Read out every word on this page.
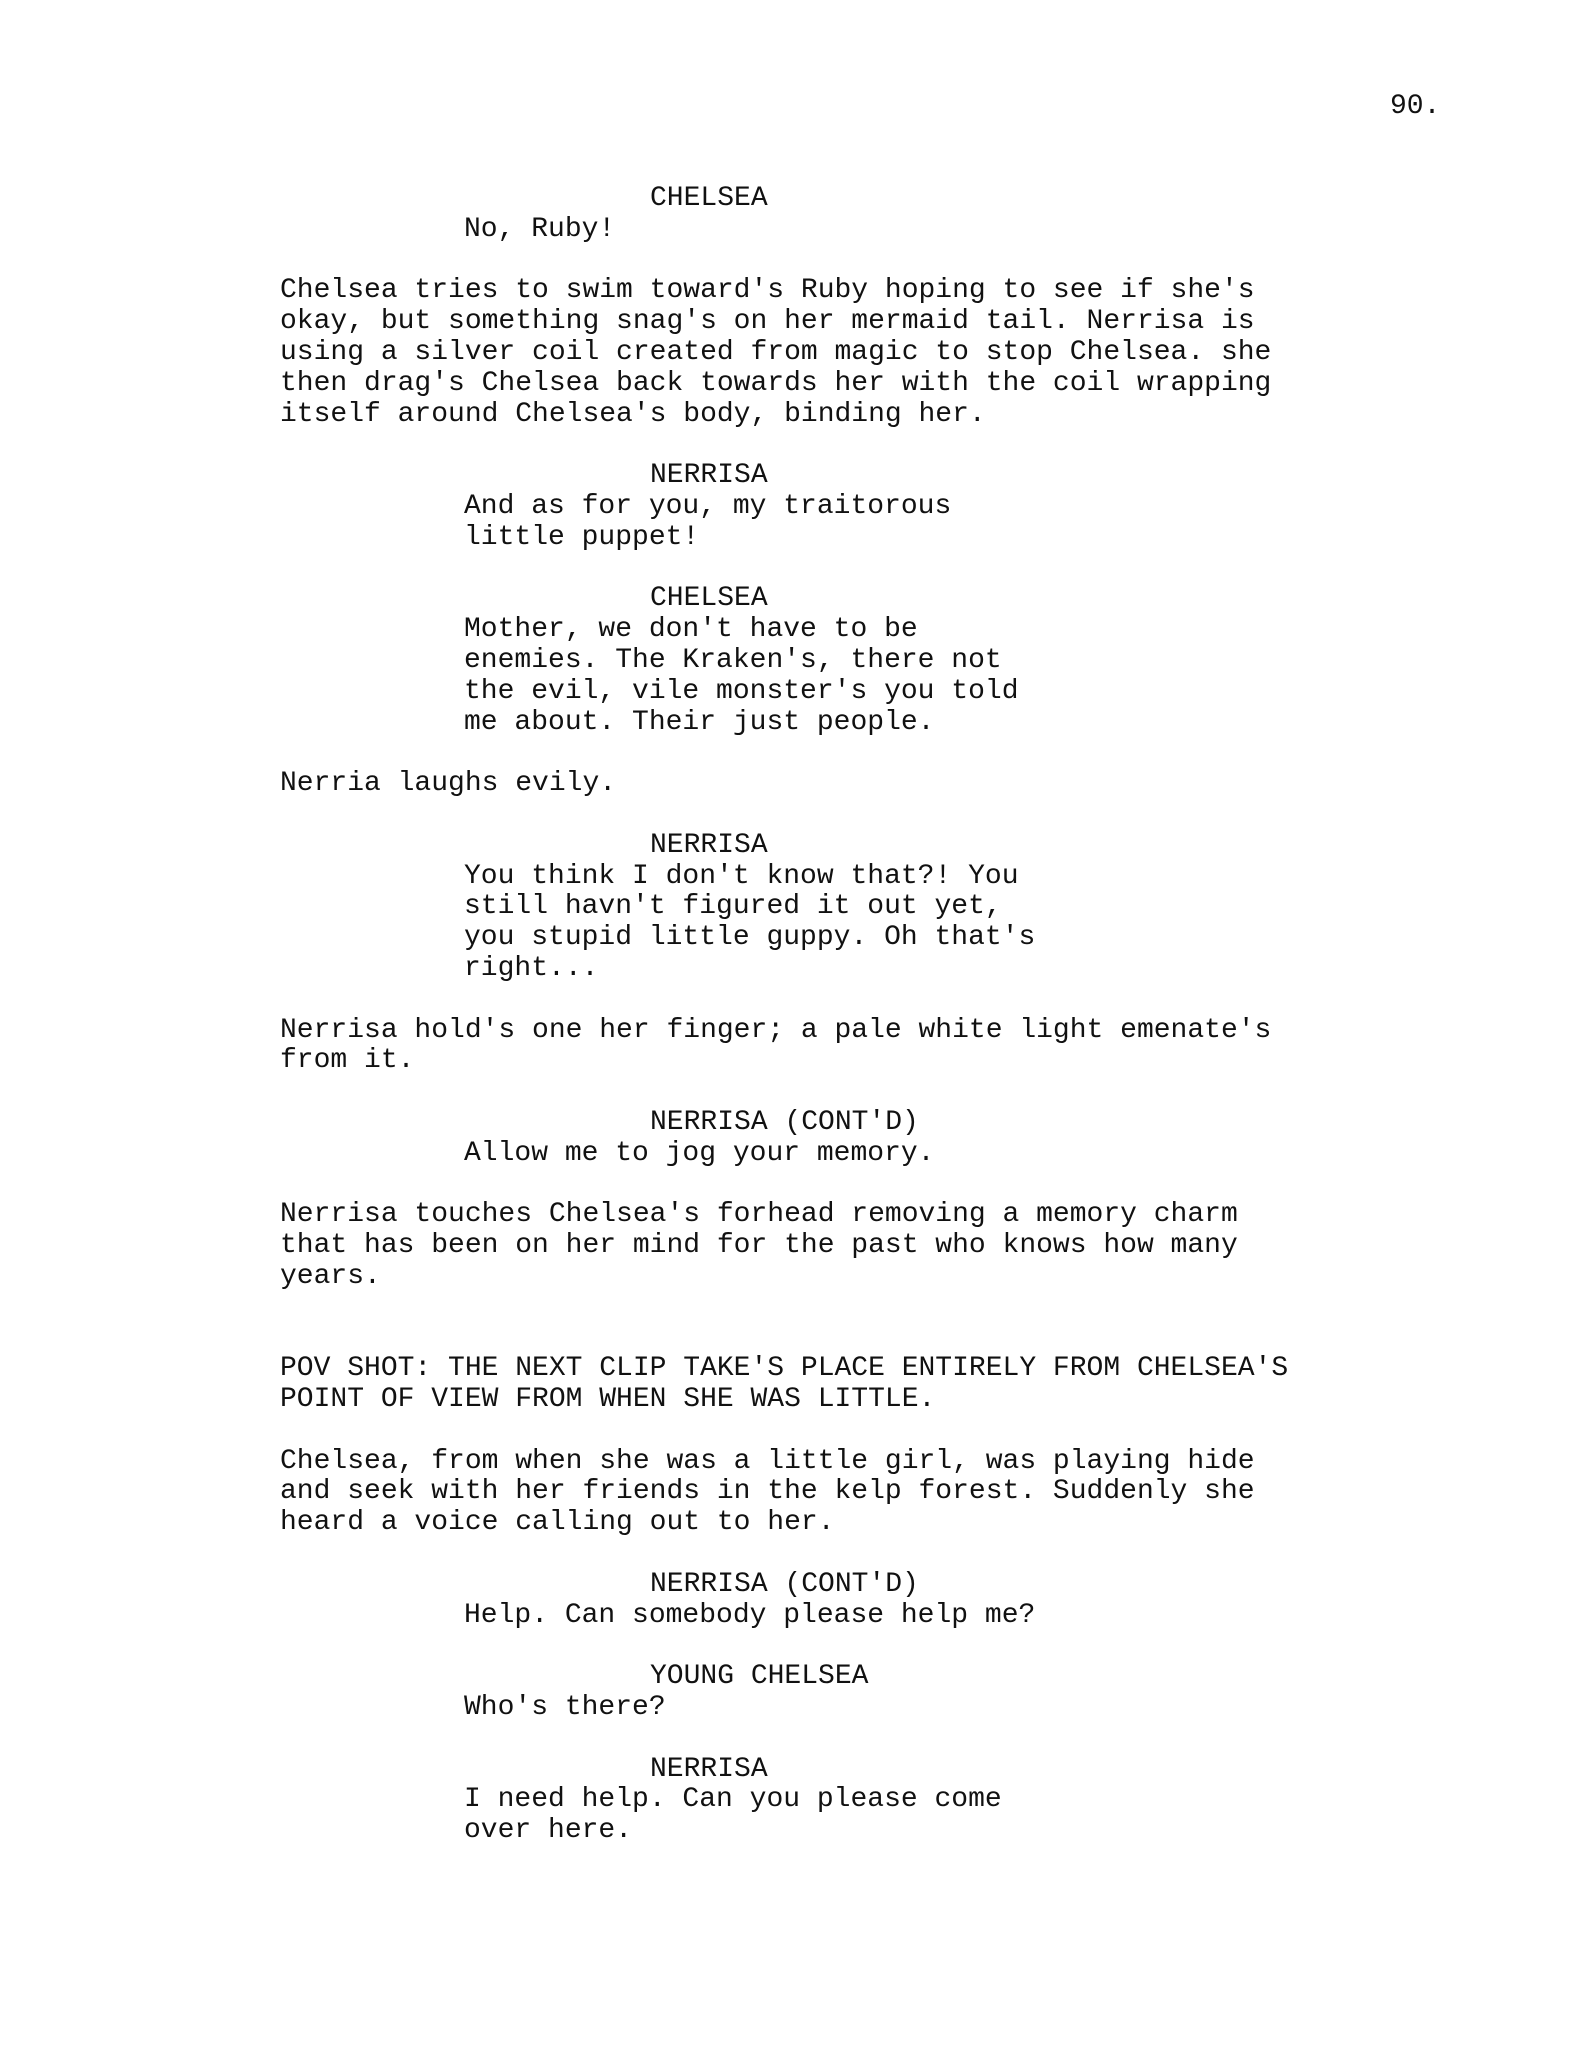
90.
CHELSEA
No, Ruby!
Chelsea tries to swim toward's Ruby hoping to see if she's
okay, but something snag's on her mermaid tail. Nerrisa is
using a silver coil created from magic to stop Chelsea. she
then drag's Chelsea back towards her with the coil wrapping
itself around Chelsea's body, binding her.
NERRISA
And as for you, my traitorous
little puppet!
CHELSEA
Mother, we don't have to be
enemies. The Kraken's, there not
the evil, vile monster's you told
me about. Their just people.
Nerria laughs evily.
NERRISA
You think I don't know that?! You
still havn't figured it out yet,
you stupid little guppy. Oh that's
right...
Nerrisa hold's one her finger; a pale white light emenate's
from it.
NERRISA (CONT'D)
Allow me to jog your memory.
Nerrisa touches Chelsea's forhead removing a memory charm
that has been on her mind for the past who knows how many
years.
POV SHOT: THE NEXT CLIP TAKE'S PLACE ENTIRELY FROM CHELSEA'S
POINT OF VIEW FROM WHEN SHE WAS LITTLE.
Chelsea, from when she was a little girl, was playing hide
and seek with her friends in the kelp forest. Suddenly she
heard a voice calling out to her.
NERRISA (CONT'D)
Help. Can somebody please help me?
YOUNG CHELSEA
Who's there?
NERRISA
I need help. Can you please come
over here.
